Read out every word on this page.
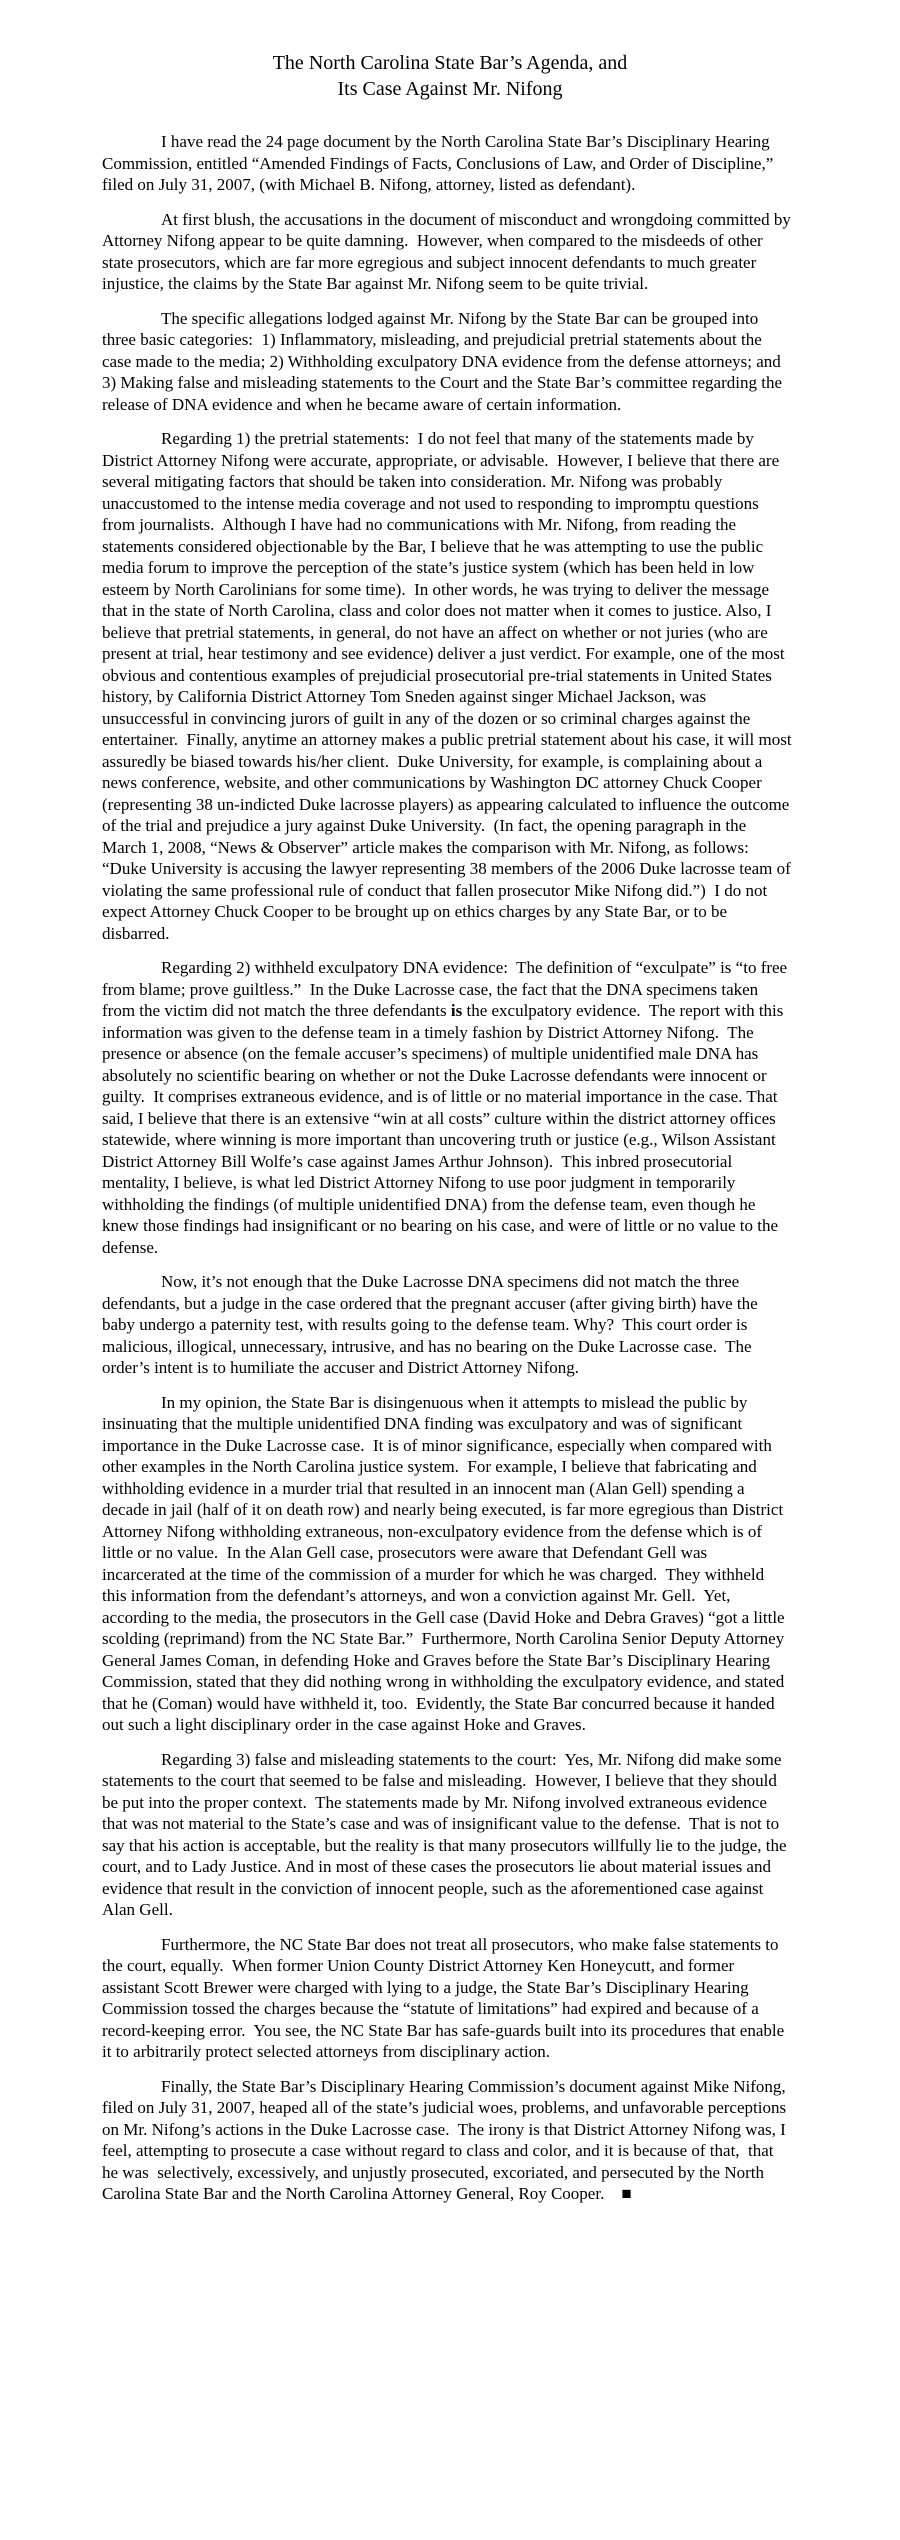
The North Carolina State Bar’s Agenda, and
Its Case Against Mr. Nifong

I have read the 24 page document by the North Carolina State Bar’s Disciplinary Hearing Commission, entitled “Amended Findings of Facts, Conclusions of Law, and Order of Discipline,” filed on July 31, 2007, (with Michael B. Nifong, attorney, listed as defendant).

At first blush, the accusations in the document of misconduct and wrongdoing committed by Attorney Nifong appear to be quite damning.  However, when compared to the misdeeds of other state prosecutors, which are far more egregious and subject innocent defendants to much greater injustice, the claims by the State Bar against Mr. Nifong seem to be quite trivial.

The specific allegations lodged against Mr. Nifong by the State Bar can be grouped into three basic categories:  1) Inflammatory, misleading, and prejudicial pretrial statements about the case made to the media; 2) Withholding exculpatory DNA evidence from the defense attorneys; and 3) Making false and misleading statements to the Court and the State Bar’s committee regarding the release of DNA evidence and when he became aware of certain information.

Regarding 1) the pretrial statements:  I do not feel that many of the statements made by District Attorney Nifong were accurate, appropriate, or advisable.  However, I believe that there are several mitigating factors that should be taken into consideration. Mr. Nifong was probably unaccustomed to the intense media coverage and not used to responding to impromptu questions from journalists.  Although I have had no communications with Mr. Nifong, from reading the statements considered objectionable by the Bar, I believe that he was attempting to use the public media forum to improve the perception of the state’s justice system (which has been held in low esteem by North Carolinians for some time).  In other words, he was trying to deliver the message that in the state of North Carolina, class and color does not matter when it comes to justice. Also, I believe that pretrial statements, in general, do not have an affect on whether or not juries (who are present at trial, hear testimony and see evidence) deliver a just verdict. For example, one of the most obvious and contentious examples of prejudicial prosecutorial pre-trial statements in United States history, by California District Attorney Tom Sneden against singer Michael Jackson, was unsuccessful in convincing jurors of guilt in any of the dozen or so criminal charges against the entertainer.  Finally, anytime an attorney makes a public pretrial statement about his case, it will most assuredly be biased towards his/her client.  Duke University, for example, is complaining about a news conference, website, and other communications by Washington DC attorney Chuck Cooper (representing 38 un-indicted Duke lacrosse players) as appearing calculated to influence the outcome of the trial and prejudice a jury against Duke University.  (In fact, the opening paragraph in the March 1, 2008, “News & Observer” article makes the comparison with Mr. Nifong, as follows:  “Duke University is accusing the lawyer representing 38 members of the 2006 Duke lacrosse team of violating the same professional rule of conduct that fallen prosecutor Mike Nifong did.”)  I do not expect Attorney Chuck Cooper to be brought up on ethics charges by any State Bar, or to be disbarred.

Regarding 2) withheld exculpatory DNA evidence:  The definition of “exculpate” is “to free from blame; prove guiltless.”  In the Duke Lacrosse case, the fact that the DNA specimens taken from the victim did not match the three defendants is the exculpatory evidence.  The report with this information was given to the defense team in a timely fashion by District Attorney Nifong.  The presence or absence (on the female accuser’s specimens) of multiple unidentified male DNA has absolutely no scientific bearing on whether or not the Duke Lacrosse defendants were innocent or guilty.  It comprises extraneous evidence, and is of little or no material importance in the case. That said, I believe that there is an extensive “win at all costs” culture within the district attorney offices statewide, where winning is more important than uncovering truth or justice (e.g., Wilson Assistant District Attorney Bill Wolfe’s case against James Arthur Johnson).  This inbred prosecutorial mentality, I believe, is what led District Attorney Nifong to use poor judgment in temporarily withholding the findings (of multiple unidentified DNA) from the defense team, even though he knew those findings had insignificant or no bearing on his case, and were of little or no value to the defense.

Now, it’s not enough that the Duke Lacrosse DNA specimens did not match the three defendants, but a judge in the case ordered that the pregnant accuser (after giving birth) have the baby undergo a paternity test, with results going to the defense team. Why?  This court order is malicious, illogical, unnecessary, intrusive, and has no bearing on the Duke Lacrosse case.  The order’s intent is to humiliate the accuser and District Attorney Nifong.

In my opinion, the State Bar is disingenuous when it attempts to mislead the public by insinuating that the multiple unidentified DNA finding was exculpatory and was of significant importance in the Duke Lacrosse case.  It is of minor significance, especially when compared with other examples in the North Carolina justice system.  For example, I believe that fabricating and withholding evidence in a murder trial that resulted in an innocent man (Alan Gell) spending a decade in jail (half of it on death row) and nearly being executed, is far more egregious than District Attorney Nifong withholding extraneous, non-exculpatory evidence from the defense which is of little or no value.  In the Alan Gell case, prosecutors were aware that Defendant Gell was incarcerated at the time of the commission of a murder for which he was charged.  They withheld this information from the defendant’s attorneys, and won a conviction against Mr. Gell.  Yet, according to the media, the prosecutors in the Gell case (David Hoke and Debra Graves) “got a little scolding (reprimand) from the NC State Bar.”  Furthermore, North Carolina Senior Deputy Attorney General James Coman, in defending Hoke and Graves before the State Bar’s Disciplinary Hearing Commission, stated that they did nothing wrong in withholding the exculpatory evidence, and stated that he (Coman) would have withheld it, too.  Evidently, the State Bar concurred because it handed out such a light disciplinary order in the case against Hoke and Graves.

Regarding 3) false and misleading statements to the court:  Yes, Mr. Nifong did make some statements to the court that seemed to be false and misleading.  However, I believe that they should be put into the proper context.  The statements made by Mr. Nifong involved extraneous evidence that was not material to the State’s case and was of insignificant value to the defense.  That is not to say that his action is acceptable, but the reality is that many prosecutors willfully lie to the judge, the court, and to Lady Justice. And in most of these cases the prosecutors lie about material issues and evidence that result in the conviction of innocent people, such as the aforementioned case against Alan Gell.

Furthermore, the NC State Bar does not treat all prosecutors, who make false statements to the court, equally.  When former Union County District Attorney Ken Honeycutt, and former assistant Scott Brewer were charged with lying to a judge, the State Bar’s Disciplinary Hearing Commission tossed the charges because the “statute of limitations” had expired and because of a record-keeping error.  You see, the NC State Bar has safe-guards built into its procedures that enable it to arbitrarily protect selected attorneys from disciplinary action.

Finally, the State Bar’s Disciplinary Hearing Commission’s document against Mike Nifong, filed on July 31, 2007, heaped all of the state’s judicial woes, problems, and unfavorable perceptions on Mr. Nifong’s actions in the Duke Lacrosse case.  The irony is that District Attorney Nifong was, I feel, attempting to prosecute a case without regard to class and color, and it is because of that,  that he was  selectively, excessively, and unjustly prosecuted, excoriated, and persecuted by the North Carolina State Bar and the North Carolina Attorney General, Roy Cooper.    ■
